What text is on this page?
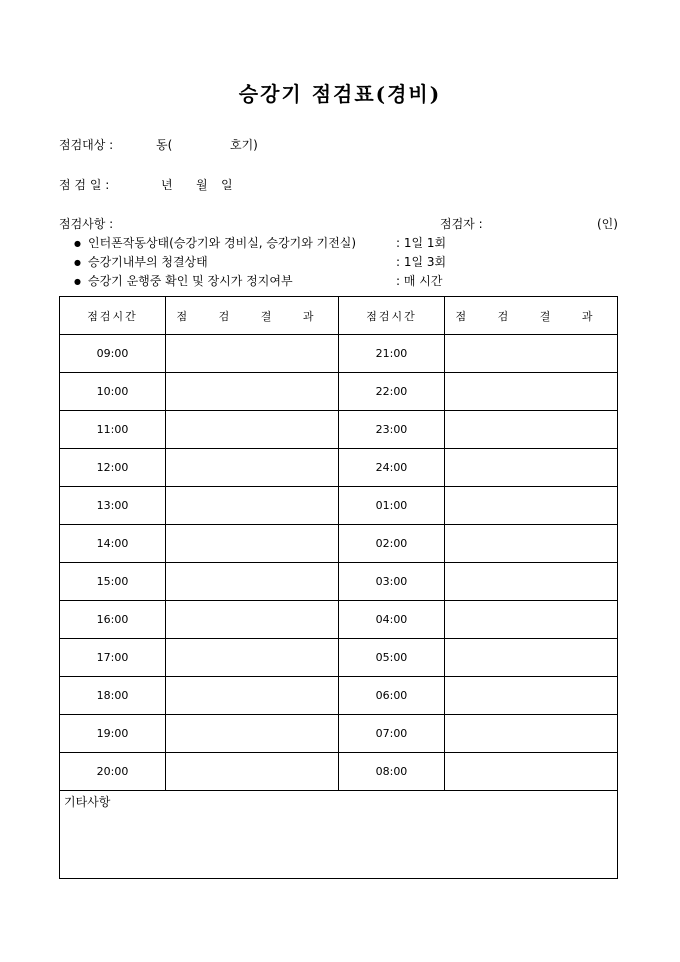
승강기 점검표(경비)
점검대상 :	동(	호기)
점 검 일 :	년 월 일
점검사항 :	점검자 :	(인)
● 인터폰작동상태(승강기와 경비실, 승강기와 기전실)	: 1일 1회
● 승강기내부의 청결상태	: 1일 3회
● 승강기 운행중 확인 및 장시가 정지여부	: 매 시간
점검시간	점 검 결 과	점검시간	점 검 결 과
09:00		21:00	
10:00		22:00	
11:00		23:00	
12:00		24:00	
13:00		01:00	
14:00		02:00	
15:00		03:00	
16:00		04:00	
17:00		05:00	
18:00		06:00	
19:00		07:00	
20:00		08:00	
기타사항			
